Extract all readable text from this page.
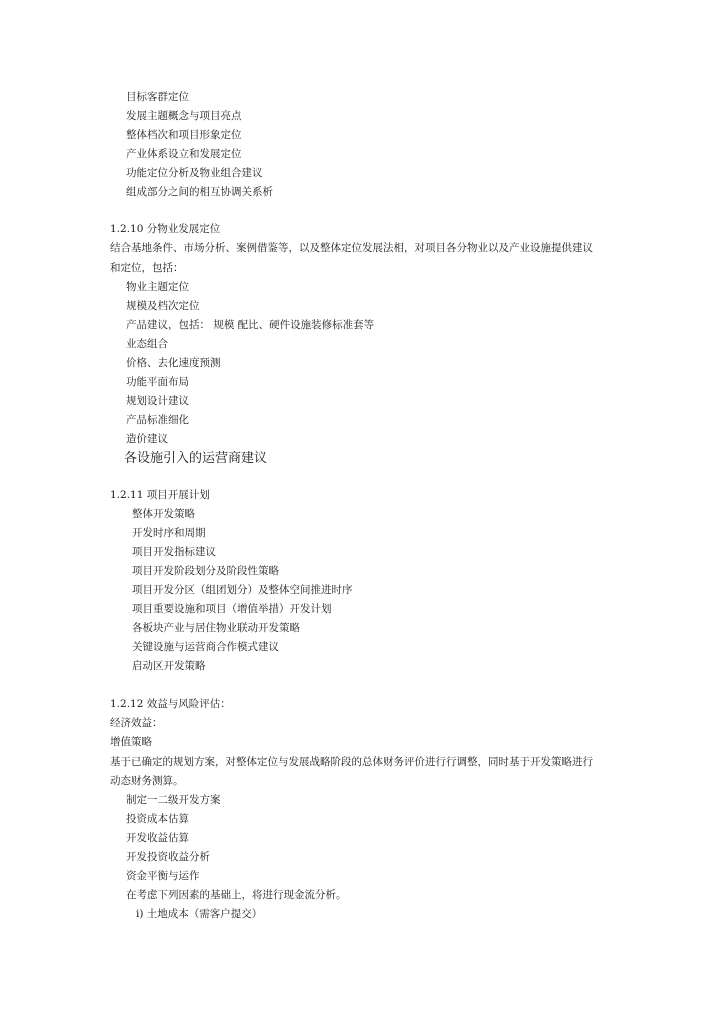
目标客群定位
发展主题概念与项目亮点
整体档次和项目形象定位
产业体系设立和发展定位
功能定位分析及物业组合建议
组成部分之间的相互协调关系析
1.2.10 分物业发展定位
结合基地条件、市场分析、案例借鉴等，以及整体定位发展法相，对项目各分物业以及产业设施提供建议
和定位，包括：
物业主题定位
规模及档次定位
产品建议，包括： 规模 配比、硬件设施装修标准套等
业态组合
价格、去化速度预测
功能平面布局
规划设计建议
产品标准细化
造价建议
各设施引入的运营商建议
1.2.11 项目开展计划
整体开发策略
开发时序和周期
项目开发指标建议
项目开发阶段划分及阶段性策略
项目开发分区（组团划分）及整体空间推进时序
项目重要设施和项目（增值举措）开发计划
各板块产业与居住物业联动开发策略
关键设施与运营商合作模式建议
启动区开发策略
1.2.12 效益与风险评估：
经济效益：
增值策略
基于已确定的规划方案，对整体定位与发展战略阶段的总体财务评价进行行调整，同时基于开发策略进行
动态财务测算。
制定一二级开发方案
投资成本估算
开发收益估算
开发投资收益分析
资金平衡与运作
在考虑下列因素的基础上，将进行现金流分析。
i) 土地成本（需客户提交）
